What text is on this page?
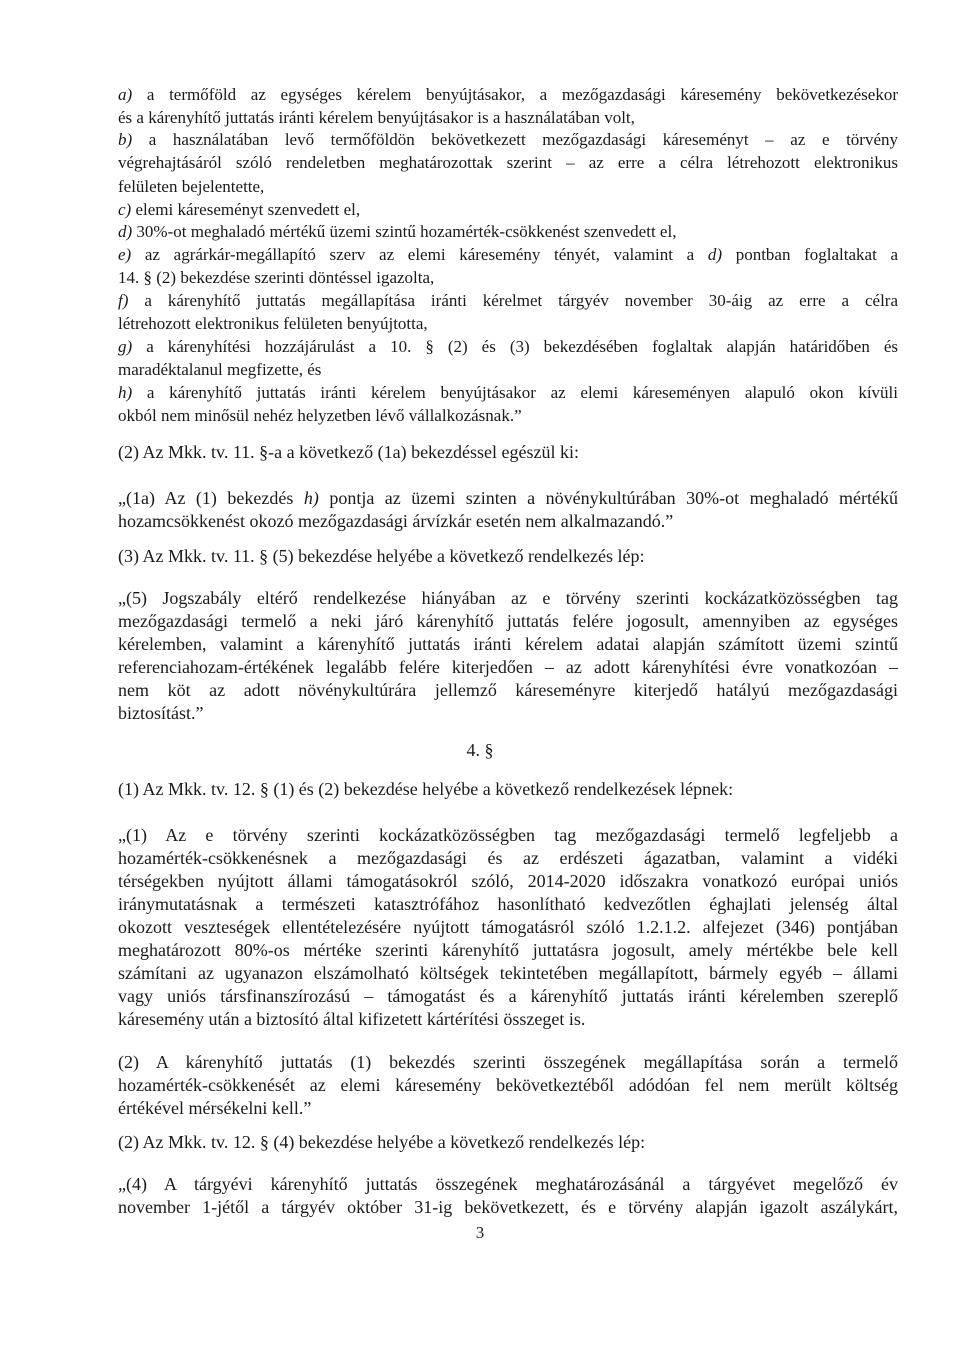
a) a termőföld az egységes kérelem benyújtásakor, a mezőgazdasági káresemény bekövetkezésekor
és a kárenyhítő juttatás iránti kérelem benyújtásakor is a használatában volt,
b) a használatában levő termőföldön bekövetkezett mezőgazdasági káreseményt – az e törvény
végrehajtásáról szóló rendeletben meghatározottak szerint – az erre a célra létrehozott elektronikus
felületen bejelentette,
c) elemi káreseményt szenvedett el,
d) 30%-ot meghaladó mértékű üzemi szintű hozamérték-csökkenést szenvedett el,
e) az agrárkár-megállapító szerv az elemi káresemény tényét, valamint a d) pontban foglaltakat a
14. § (2) bekezdése szerinti döntéssel igazolta,
f) a kárenyhítő juttatás megállapítása iránti kérelmet tárgyév november 30-áig az erre a célra
létrehozott elektronikus felületen benyújtotta,
g) a kárenyhítési hozzájárulást a 10. § (2) és (3) bekezdésében foglaltak alapján határidőben és
maradéktalanul megfizette, és
h) a kárenyhítő juttatás iránti kérelem benyújtásakor az elemi káreseményen alapuló okon kívüli
okból nem minősül nehéz helyzetben lévő vállalkozásnak.”
(2) Az Mkk. tv. 11. §-a a következő (1a) bekezdéssel egészül ki:
„(1a) Az (1) bekezdés h) pontja az üzemi szinten a növénykultúrában 30%-ot meghaladó mértékű
hozamcsökkenést okozó mezőgazdasági árvízkár esetén nem alkalmazandó.”
(3) Az Mkk. tv. 11. § (5) bekezdése helyébe a következő rendelkezés lép:
„(5) Jogszabály eltérő rendelkezése hiányában az e törvény szerinti kockázatközösségben tag
mezőgazdasági termelő a neki járó kárenyhítő juttatás felére jogosult, amennyiben az egységes
kérelemben, valamint a kárenyhítő juttatás iránti kérelem adatai alapján számított üzemi szintű
referenciahozam-értékének legalább felére kiterjedően – az adott kárenyhítési évre vonatkozóan –
nem köt az adott növénykultúrára jellemző káreseményre kiterjedő hatályú mezőgazdasági
biztosítást.”
4. §
(1) Az Mkk. tv. 12. § (1) és (2) bekezdése helyébe a következő rendelkezések lépnek:
„(1) Az e törvény szerinti kockázatközösségben tag mezőgazdasági termelő legfeljebb a
hozamérték-csökkenésnek a mezőgazdasági és az erdészeti ágazatban, valamint a vidéki
térségekben nyújtott állami támogatásokról szóló, 2014-2020 időszakra vonatkozó európai uniós
iránymutatásnak a természeti katasztrófához hasonlítható kedvezőtlen éghajlati jelenség által
okozott veszteségek ellentételezésére nyújtott támogatásról szóló 1.2.1.2. alfejezet (346) pontjában
meghatározott 80%-os mértéke szerinti kárenyhítő juttatásra jogosult, amely mértékbe bele kell
számítani az ugyanazon elszámolható költségek tekintetében megállapított, bármely egyéb – állami
vagy uniós társfinanszírozású – támogatást és a kárenyhítő juttatás iránti kérelemben szereplő
káresemény után a biztosító által kifizetett kártérítési összeget is.
(2) A kárenyhítő juttatás (1) bekezdés szerinti összegének megállapítása során a termelő
hozamérték-csökkenését az elemi káresemény bekövetkeztéből adódóan fel nem merült költség
értékével mérsékelni kell.”
(2) Az Mkk. tv. 12. § (4) bekezdése helyébe a következő rendelkezés lép:
„(4) A tárgyévi kárenyhítő juttatás összegének meghatározásánál a tárgyévet megelőző év
november 1-jétől a tárgyév október 31-ig bekövetkezett, és e törvény alapján igazolt aszálykárt,
3
